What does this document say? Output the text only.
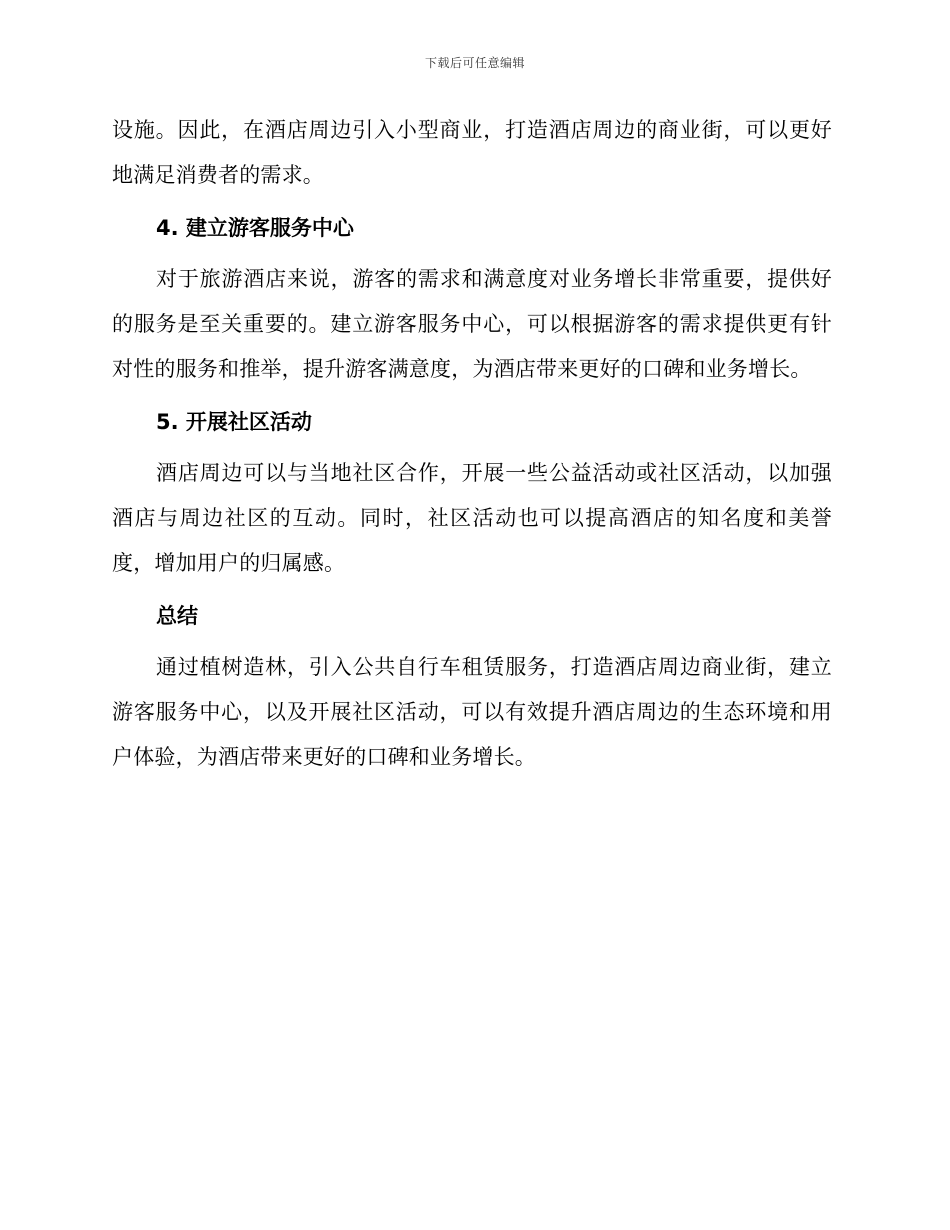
下载后可任意编辑

设施。因此，在酒店周边引入小型商业，打造酒店周边的商业街，可以更好地满足消费者的需求。

4. 建立游客服务中心

对于旅游酒店来说，游客的需求和满意度对业务增长非常重要，提供好的服务是至关重要的。建立游客服务中心，可以根据游客的需求提供更有针对性的服务和推举，提升游客满意度，为酒店带来更好的口碑和业务增长。

5. 开展社区活动

酒店周边可以与当地社区合作，开展一些公益活动或社区活动，以加强酒店与周边社区的互动。同时，社区活动也可以提高酒店的知名度和美誉度，增加用户的归属感。

总结

通过植树造林，引入公共自行车租赁服务，打造酒店周边商业街，建立游客服务中心，以及开展社区活动，可以有效提升酒店周边的生态环境和用户体验，为酒店带来更好的口碑和业务增长。
